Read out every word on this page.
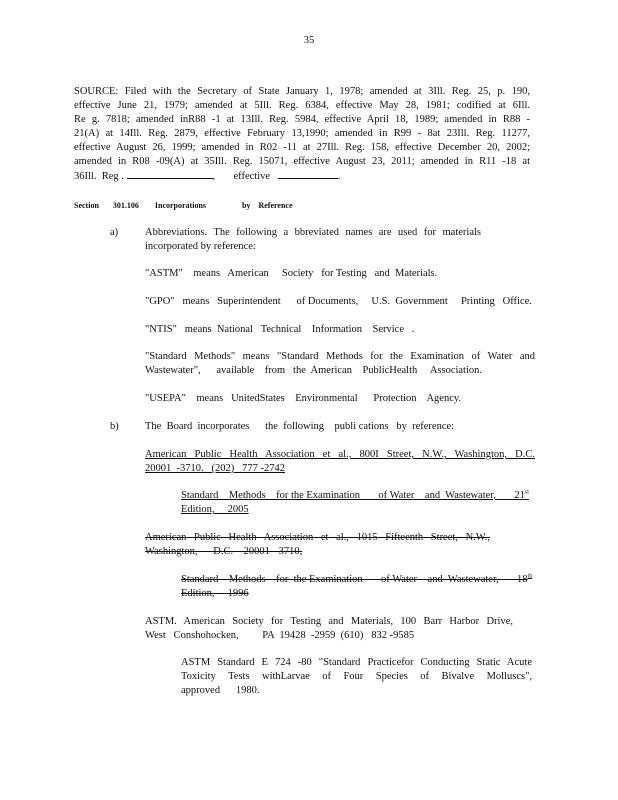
35
SOURCE: Filed with the Secretary of State January 1, 1978; amended at 3Ill. Reg. 25, p. 190,
effective June 21, 1979; amended at 5Ill. Reg. 6384, effective May 28, 1981; codified at 6Ill.
Re g. 7818; amended inR88 -1 at 13Ill. Reg. 5984, effective April 18, 1989; amended in R88 -
21(A) at 14Ill. Reg. 2879, effective February 13,1990; amended in R99 - 8at 23Ill. Reg. 11277,
effective August 26, 1999; amended in R02 -11 at 27Ill. Reg. 158, effective December 20, 2002;
amended in R08 -09(A) at 35Ill. Reg. 15071, effective August 23, 2011; amended in R11 -18 at
36Ill.  Reg .	,       effective	.
Section 301.106 Incorporations	by Reference
a)	Abbreviations. The following a bbreviated names are used for materials
incorporated by reference:
"ASTM"    means   American     Society   for Testing   and  Materials.
"GPO"   means   Superintendent      of Documents,     U.S.  Government     Printing   Office.
"NTIS"   means  National   Technical    Information    Service   .
"Standard Methods" means "Standard Methods for the Examination of Water and
Wastewater",      available    from   the  American    PublicHealth     Association.
"USEPA"    means   UnitedStates    Environmental      Protection    Agency.
b)	The  Board  incorporates      the  following    publi cations   by  reference:
American Public Health Association et al., 800I Street, N.W., Washington, D.C.
20001  -3710.   (202)   777 -2742
Standard    Methods    for the Examination       of Water    and  Wastewater,       21st
Edition,     2005
American Public Health Association et al., 1015 Fifteenth Street, N.W.,
Washington,      D.C.    20001  -3710,
Standard    Methods    for  the Examination       of Water    and  Wastewater,       18th
Edition,     1996
ASTM. American Society for Testing and Materials, 100 Barr Harbor Drive,
West   Conshohocken,         PA  19428  -2959  (610)   832 -9585
ASTM Standard E 724 -80 "Standard Practicefor Conducting Static Acute
Toxicity Tests withLarvae of Four Species of Bivalve Molluscs",
approved      1980.
